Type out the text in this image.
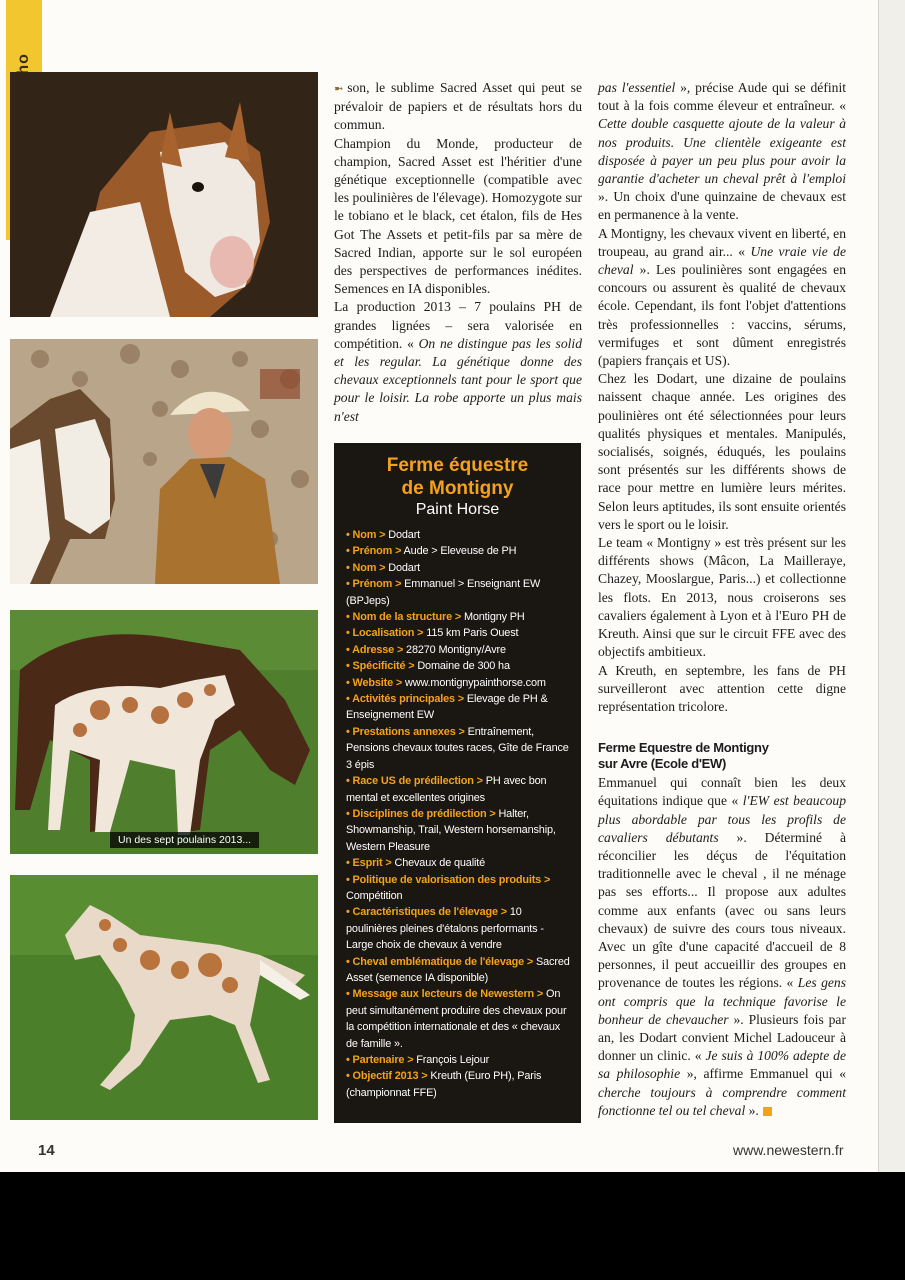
Un des sept poulains 2013...

➼ son, le sublime Sacred Asset qui peut se prévaloir de papiers et de résultats hors du commun.

Champion du Monde, producteur de champion, Sacred Asset est l'héritier d'une génétique exceptionnelle (compatible avec les poulinières de l'élevage). Homozygote sur le tobiano et le black, cet étalon, fils de Hes Got The Assets et petit-fils par sa mère de Sacred Indian, apporte sur le sol européen des perspectives de performances inédites. Semences en IA disponibles.

La production 2013 – 7 poulains PH de grandes lignées – sera valorisée en compétition. « On ne distingue pas les solid et les regular. La génétique donne des chevaux exceptionnels tant pour le sport que pour le loisir. La robe apporte un plus mais n'est

Ferme équestre
de Montigny
Paint Horse
• Nom > Dodart
• Prénom > Aude > Eleveuse de PH
• Nom > Dodart
• Prénom > Emmanuel > Enseignant EW (BPJeps)
• Nom de la structure > Montigny PH
• Localisation > 115 km Paris Ouest
• Adresse > 28270 Montigny/Avre
• Spécificité > Domaine de 300 ha
• Website > www.montignypainthorse.com
• Activités principales > Elevage de PH & Enseignement EW
• Prestations annexes > Entraînement, Pensions chevaux toutes races, Gîte de France 3 épis
• Race US de prédilection > PH avec bon mental et excellentes origines
• Disciplines de prédilection > Halter, Showmanship, Trail, Western horsemanship, Western Pleasure
• Esprit > Chevaux de qualité
• Politique de valorisation des produits > Compétition
• Caractéristiques de l'élevage > 10 poulinières pleines d'étalons performants - Large choix de chevaux à vendre
• Cheval emblématique de l'élevage > Sacred Asset (semence IA disponible)
• Message aux lecteurs de Newestern > On peut simultanément produire des chevaux pour la compétition internationale et des « chevaux de famille ».
• Partenaire > François Lejour
• Objectif 2013 > Kreuth (Euro PH), Paris (championnat FFE)

pas l'essentiel », précise Aude qui se définit tout à la fois comme éleveur et entraîneur. « Cette double casquette ajoute de la valeur à nos produits. Une clientèle exigeante est disposée à payer un peu plus pour avoir la garantie d'acheter un cheval prêt à l'emploi ». Un choix d'une quinzaine de chevaux est en permanence à la vente.

A Montigny, les chevaux vivent en liberté, en troupeau, au grand air... « Une vraie vie de cheval ». Les poulinières sont engagées en concours ou assurent ès qualité de chevaux école. Cependant, ils font l'objet d'attentions très professionnelles : vaccins, sérums, vermifuges et sont dûment enregistrés (papiers français et US).

Chez les Dodart, une dizaine de poulains naissent chaque année. Les origines des poulinières ont été sélectionnées pour leurs qualités physiques et mentales. Manipulés, socialisés, soignés, éduqués, les poulains sont présentés sur les différents shows de race pour mettre en lumière leurs mérites. Selon leurs aptitudes, ils sont ensuite orientés vers le sport ou le loisir.

Le team « Montigny » est très présent sur les différents shows (Mâcon, La Mailleraye, Chazey, Mooslargue, Paris...) et collectionne les flots. En 2013, nous croiserons ses cavaliers également à Lyon et à l'Euro PH de Kreuth. Ainsi que sur le circuit FFE avec des objectifs ambitieux.

A Kreuth, en septembre, les fans de PH surveilleront avec attention cette digne représentation tricolore.

Ferme Equestre de Montigny
sur Avre (Ecole d'EW)

Emmanuel qui connaît bien les deux équitations indique que « l'EW est beaucoup plus abordable par tous les profils de cavaliers débutants ». Déterminé à réconcilier les déçus de l'équitation traditionnelle avec le cheval , il ne ménage pas ses efforts... Il propose aux adultes comme aux enfants (avec ou sans leurs chevaux) de suivre des cours tous niveaux. Avec un gîte d'une capacité d'accueil de 8 personnes, il peut accueillir des groupes en provenance de toutes les régions. « Les gens ont compris que la technique favorise le bonheur de chevaucher ». Plusieurs fois par an, les Dodart convient Michel Ladouceur à donner un clinic. « Je suis à 100% adepte de sa philosophie », affirme Emmanuel qui « cherche toujours à comprendre comment fonctionne tel ou tel cheval ».

14	www.newestern.fr
